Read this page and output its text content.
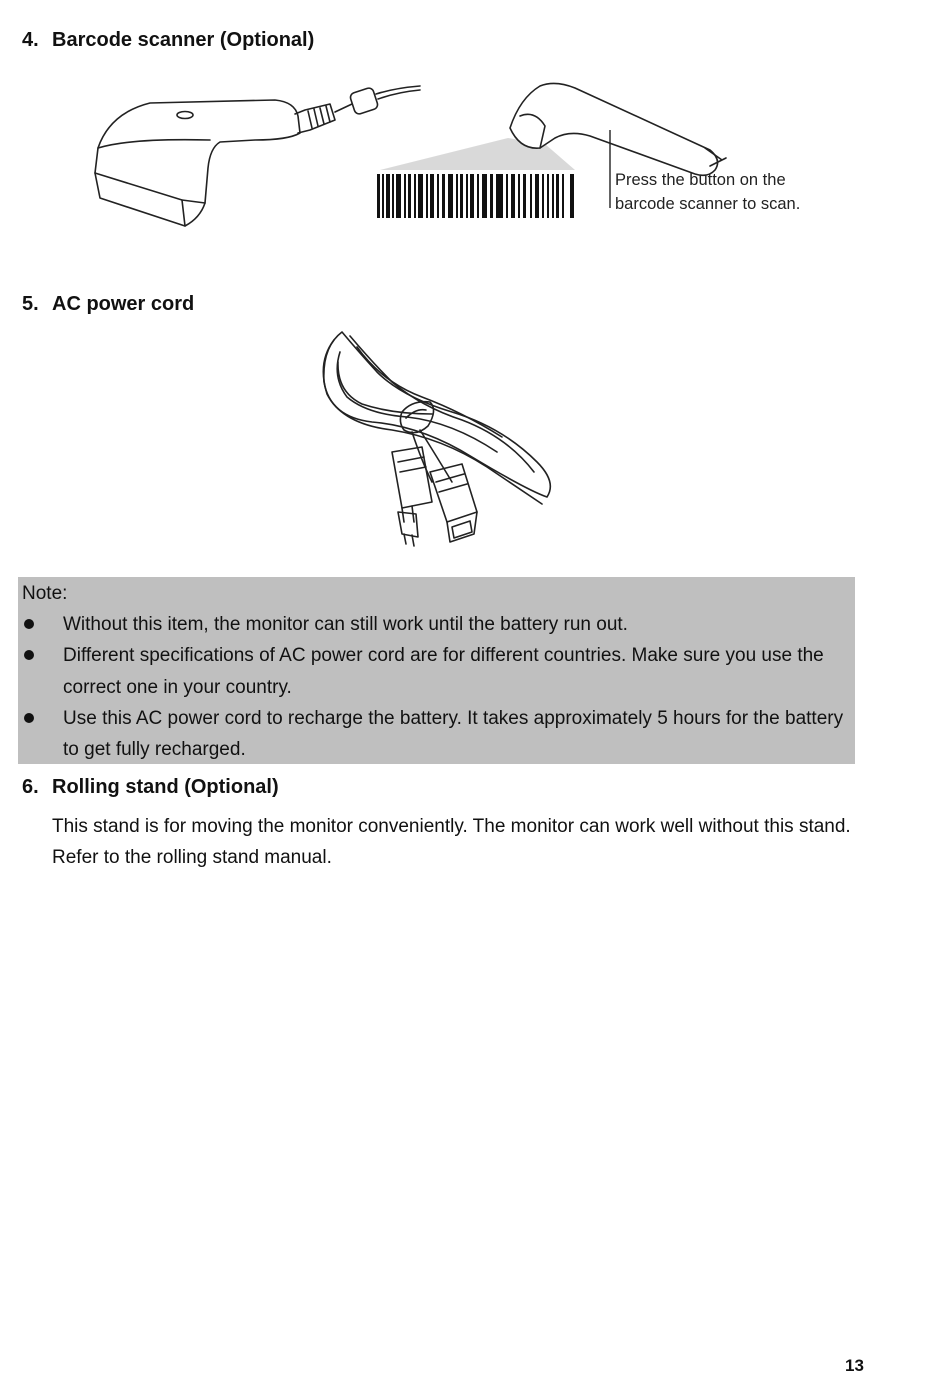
4. Barcode scanner (Optional)
Press the button on the
barcode scanner to scan.
5. AC power cord
Note:
Without this item, the monitor can still work until the battery run out.
Different specifications of AC power cord are for different countries. Make sure you use the correct one in your country.
Use this AC power cord to recharge the battery. It takes approximately 5 hours for the battery to get fully recharged.
6. Rolling stand (Optional)
This stand is for moving the monitor conveniently. The monitor can work well without this stand. Refer to the rolling stand manual.
13
